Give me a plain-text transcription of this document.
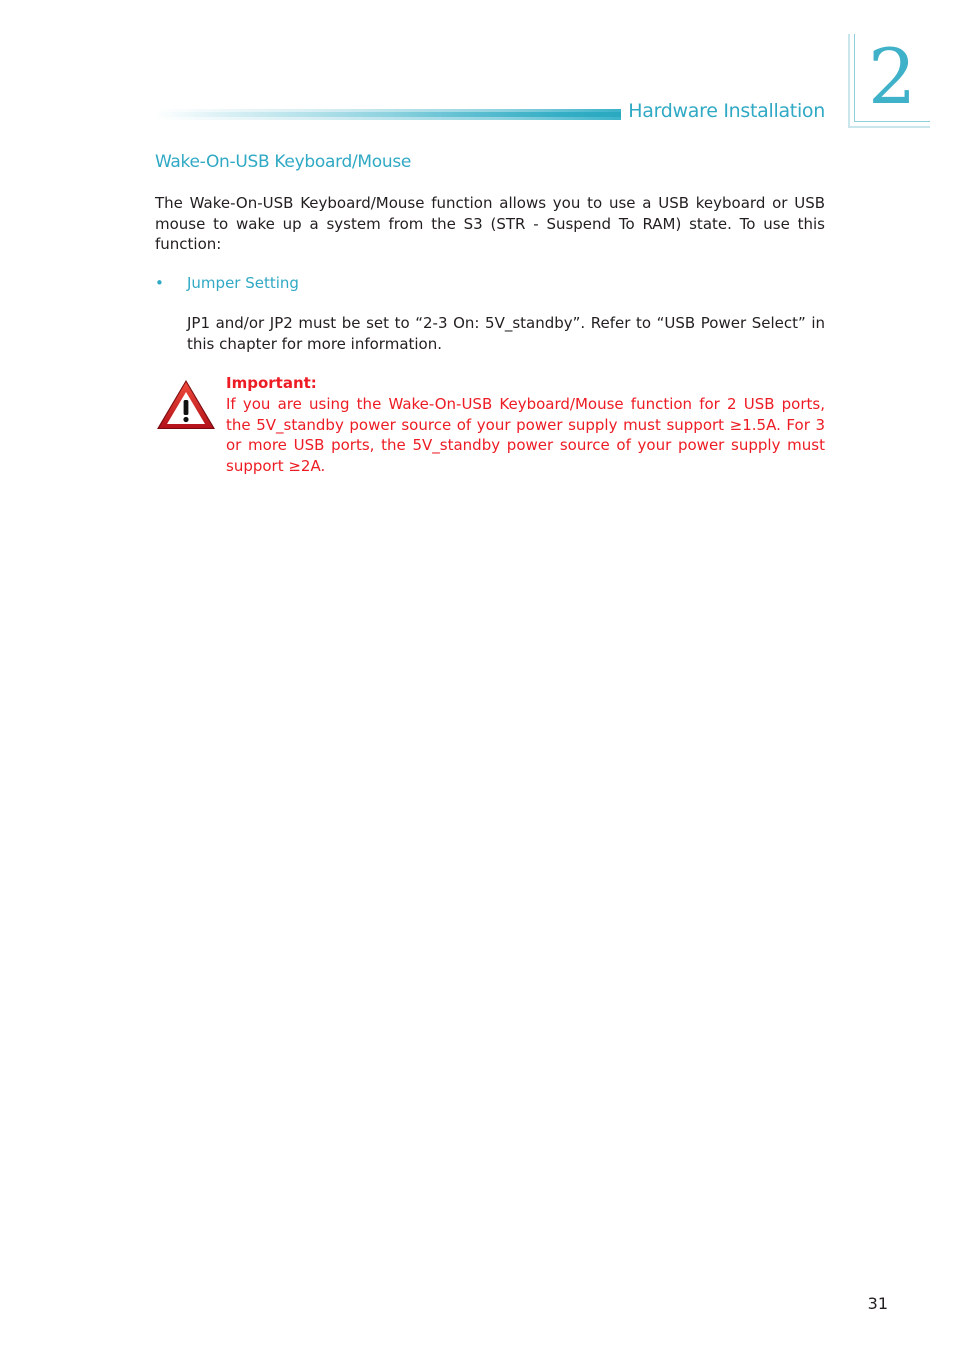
Hardware Installation 2
Wake-On-USB Keyboard/Mouse

The Wake-On-USB Keyboard/Mouse function allows you to use a USB keyboard or USB mouse to wake up a system from the S3 (STR - Suspend To RAM) state. To use this function:

• Jumper Setting

JP1 and/or JP2 must be set to “2-3 On: 5V_standby”. Refer to “USB Power Select” in this chapter for more information.

Important:

If you are using the Wake-On-USB Keyboard/Mouse function for 2 USB ports, the 5V_standby power source of your power supply must support ≥1.5A. For 3 or more USB ports, the 5V_standby power source of your power supply must support ≥2A.

31
